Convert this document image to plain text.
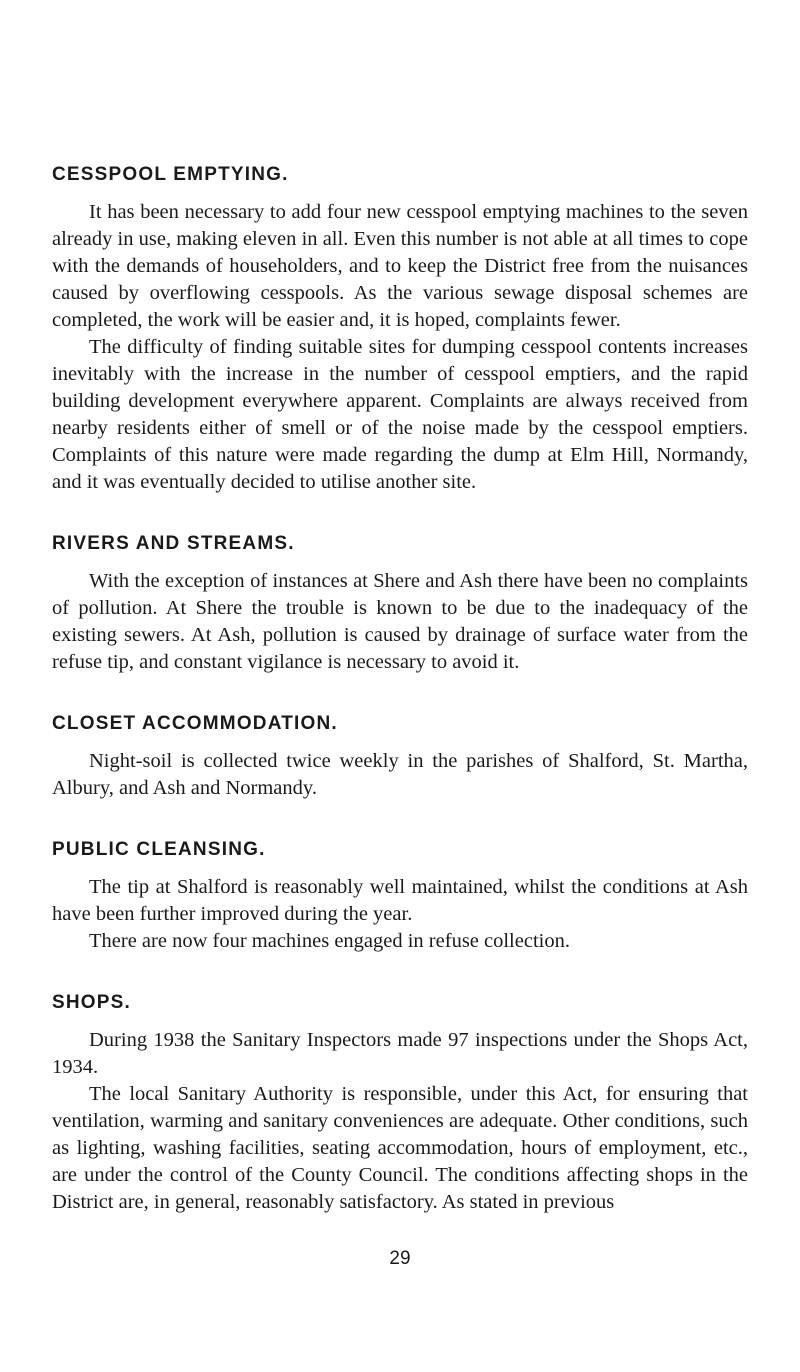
CESSPOOL EMPTYING.

It has been necessary to add four new cesspool emptying machines to the seven already in use, making eleven in all. Even this number is not able at all times to cope with the demands of householders, and to keep the District free from the nuisances caused by overflowing cesspools. As the various sewage disposal schemes are completed, the work will be easier and, it is hoped, complaints fewer.

The difficulty of finding suitable sites for dumping cesspool contents increases inevitably with the increase in the number of cesspool emptiers, and the rapid building development everywhere apparent. Complaints are always received from nearby residents either of smell or of the noise made by the cesspool emptiers. Complaints of this nature were made regarding the dump at Elm Hill, Normandy, and it was eventually decided to utilise another site.

RIVERS AND STREAMS.

With the exception of instances at Shere and Ash there have been no complaints of pollution. At Shere the trouble is known to be due to the inadequacy of the existing sewers. At Ash, pollution is caused by drainage of surface water from the refuse tip, and constant vigilance is necessary to avoid it.

CLOSET ACCOMMODATION.

Night-soil is collected twice weekly in the parishes of Shalford, St. Martha, Albury, and Ash and Normandy.

PUBLIC CLEANSING.

The tip at Shalford is reasonably well maintained, whilst the conditions at Ash have been further improved during the year.

There are now four machines engaged in refuse collection.

SHOPS.

During 1938 the Sanitary Inspectors made 97 inspections under the Shops Act, 1934.

The local Sanitary Authority is responsible, under this Act, for ensuring that ventilation, warming and sanitary conveniences are adequate. Other conditions, such as lighting, washing facilities, seating accommodation, hours of employment, etc., are under the control of the County Council. The conditions affecting shops in the District are, in general, reasonably satisfactory. As stated in previous

29
